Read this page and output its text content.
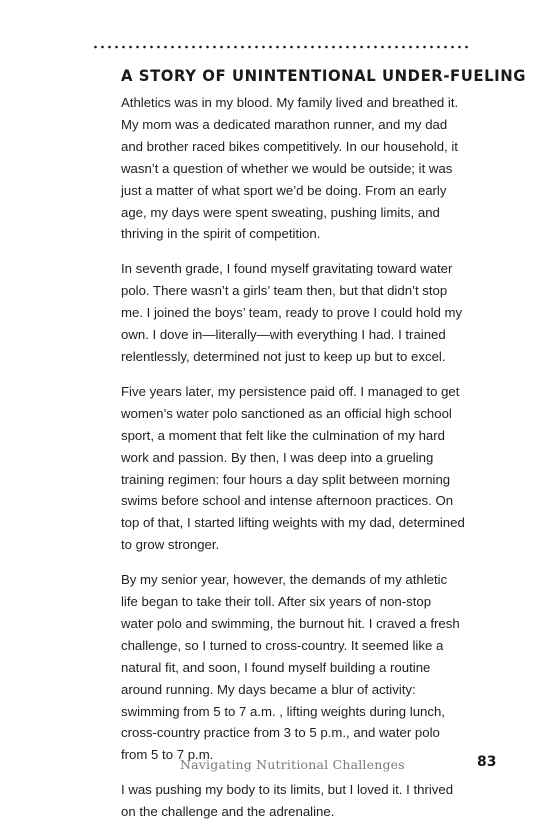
A STORY OF UNINTENTIONAL UNDER-FUELING

Athletics was in my blood. My family lived and breathed it. My mom was a dedicated marathon runner, and my dad and brother raced bikes competitively. In our household, it wasn’t a question of whether we would be outside; it was just a matter of what sport we’d be doing. From an early age, my days were spent sweating, pushing limits, and thriving in the spirit of competition.

In seventh grade, I found myself gravitating toward water polo. There wasn’t a girls’ team then, but that didn’t stop me. I joined the boys’ team, ready to prove I could hold my own. I dove in—literally—with everything I had. I trained relentlessly, determined not just to keep up but to excel.

Five years later, my persistence paid off. I managed to get women’s water polo sanctioned as an official high school sport, a moment that felt like the culmination of my hard work and passion. By then, I was deep into a grueling training regimen: four hours a day split between morning swims before school and intense afternoon practices. On top of that, I started lifting weights with my dad, determined to grow stronger.

By my senior year, however, the demands of my athletic life began to take their toll. After six years of non-stop water polo and swimming, the burnout hit. I craved a fresh challenge, so I turned to cross-country. It seemed like a natural fit, and soon, I found myself building a routine around running. My days became a blur of activity: swimming from 5 to 7 a.m. , lifting weights during lunch, cross-country practice from 3 to 5 p.m., and water polo from 5 to 7 p.m.

I was pushing my body to its limits, but I loved it. I thrived on the challenge and the adrenaline.

Navigating Nutritional Challenges	83
